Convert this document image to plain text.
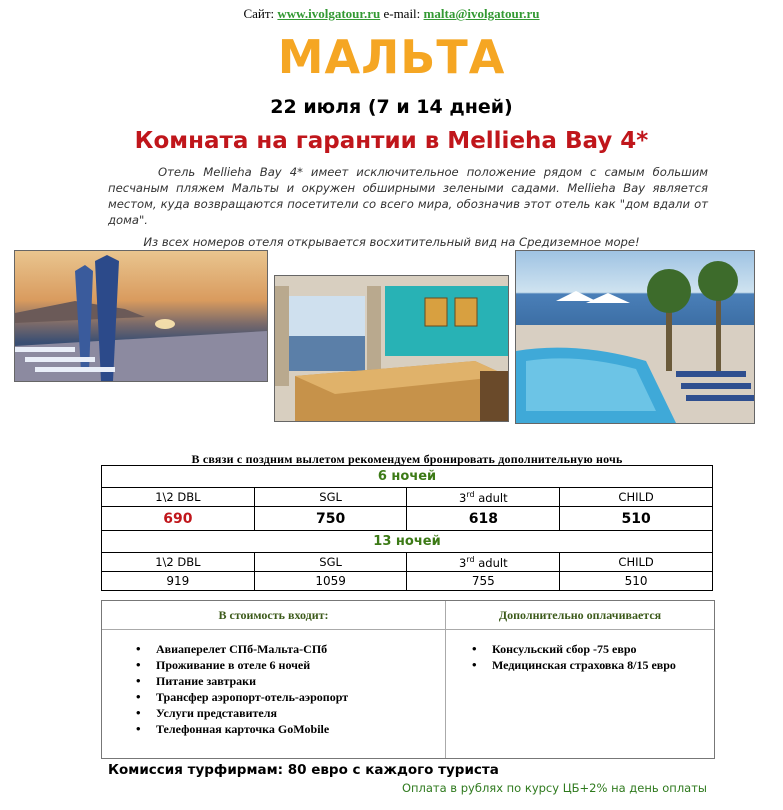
Сайт: www.ivolgatour.ru e-mail: malta@ivolgatour.ru
МАЛЬТА
22 июля (7 и 14 дней)
Комната на гарантии в Mellieha Bay 4*
Отель Mellieha Bay 4* имеет исключительное положение рядом с самым большим песчаным пляжем Мальты и окружен обширными зелеными садами. Mellieha Bay является местом, куда возвращаются посетители со всего мира, обозначив этот отель как "дом вдали от дома".
Из всех номеров отеля открывается восхитительный вид на Средиземное море!
В связи с поздним вылетом рекомендуем бронировать дополнительную ночь
6 ночей			
1\2 DBL	SGL	3rd adult	CHILD
690	750	618	510
13 ночей			
1\2 DBL	SGL	3rd adult	CHILD
919	1059	755	510
В стоимость входит:	Дополнительно оплачивается
• Авиаперелет СПб-Мальта-СПб
• Проживание в отеле 6 ночей
• Питание завтраки
• Трансфер аэропорт-отель-аэропорт
• Услуги представителя
• Телефонная карточка GoMobile
• Консульский сбор -75 евро
• Медицинская страховка 8/15 евро
Комиссия турфирмам: 80 евро с каждого туриста
Оплата в рублях по курсу ЦБ+2% на день оплаты
